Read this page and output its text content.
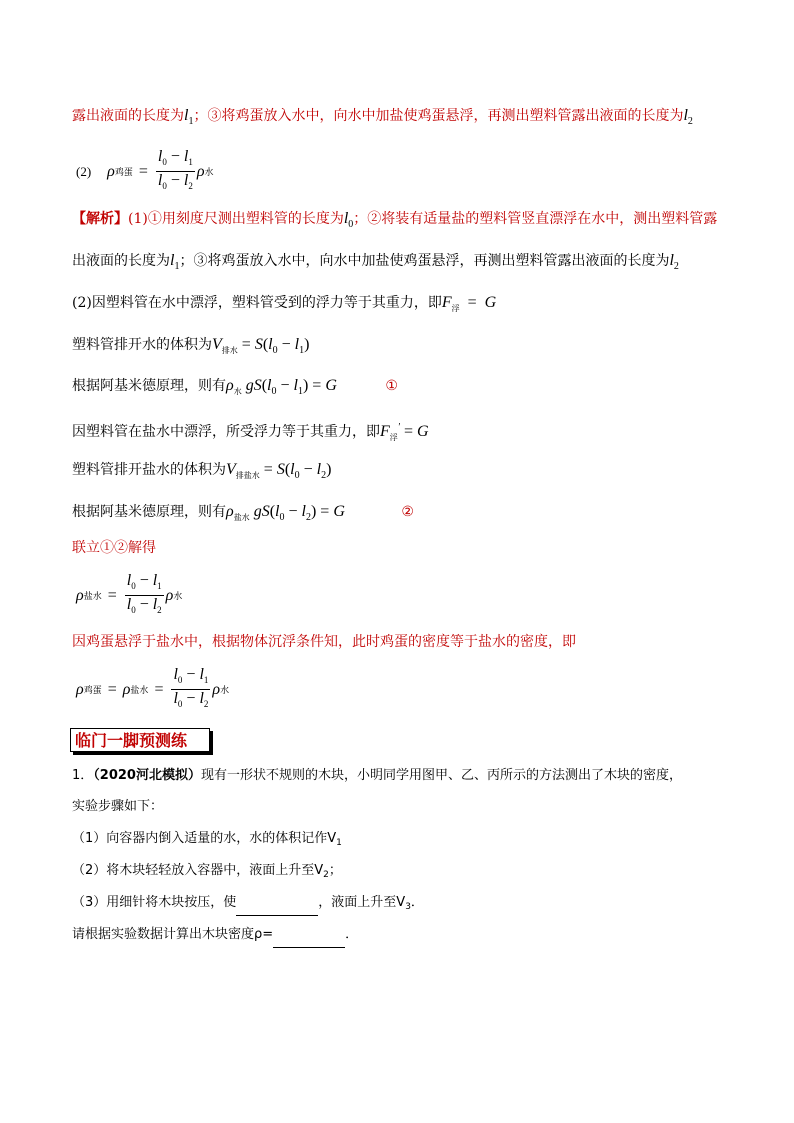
露出液面的长度为$l_1$；③将鸡蛋放入水中，向水中加盐使鸡蛋悬浮，再测出塑料管露出液面的长度为$l_2$
(2) ρ 鸡蛋 = $\frac{l_0 - l_1}{l_0 - l_2}$ ρ 水
【解析】(1)①用刻度尺测出塑料管的长度为$l_0$；②将装有适量盐的塑料管竖直漂浮在水中，测出塑料管露
出液面的长度为$l_1$；③将鸡蛋放入水中，向水中加盐使鸡蛋悬浮，再测出塑料管露出液面的长度为$l_2$
(2)因塑料管在水中漂浮，塑料管受到的浮力等于其重力，即$F_浮 = G$
塑料管排开水的体积为$V_{排水} = S(l_0 - l_1)$
根据阿基米德原理，则有$\rho_水$ $gS(l_0 - l_1) = G$	①
因塑料管在盐水中漂浮，所受浮力等于其重力，即$F_浮' = G$
塑料管排开盐水的体积为$V_{排盐水} = S(l_0 - l_2)$
根据阿基米德原理，则有$\rho_{盐水}$ $gS(l_0 - l_2) = G$	②
联立①②解得
ρ 盐水 = $\frac{l_0 - l_1}{l_0 - l_2}$ ρ 水
因鸡蛋悬浮于盐水中，根据物体沉浮条件知，此时鸡蛋的密度等于盐水的密度，即
ρ 鸡蛋 = ρ 盐水 = $\frac{l_0 - l_1}{l_0 - l_2}$ ρ 水
临门一脚预测练
1．（2020河北模拟）现有一形状不规则的木块，小明同学用图甲、乙、丙所示的方法测出了木块的密度，
实验步骤如下：
（1）向容器内倒入适量的水，水的体积记作$V_1$
（2）将木块轻轻放入容器中，液面上升至$V_2$；
（3）用细针将木块按压，使	，液面上升至$V_3$．
请根据实验数据计算出木块密度ρ=	．
